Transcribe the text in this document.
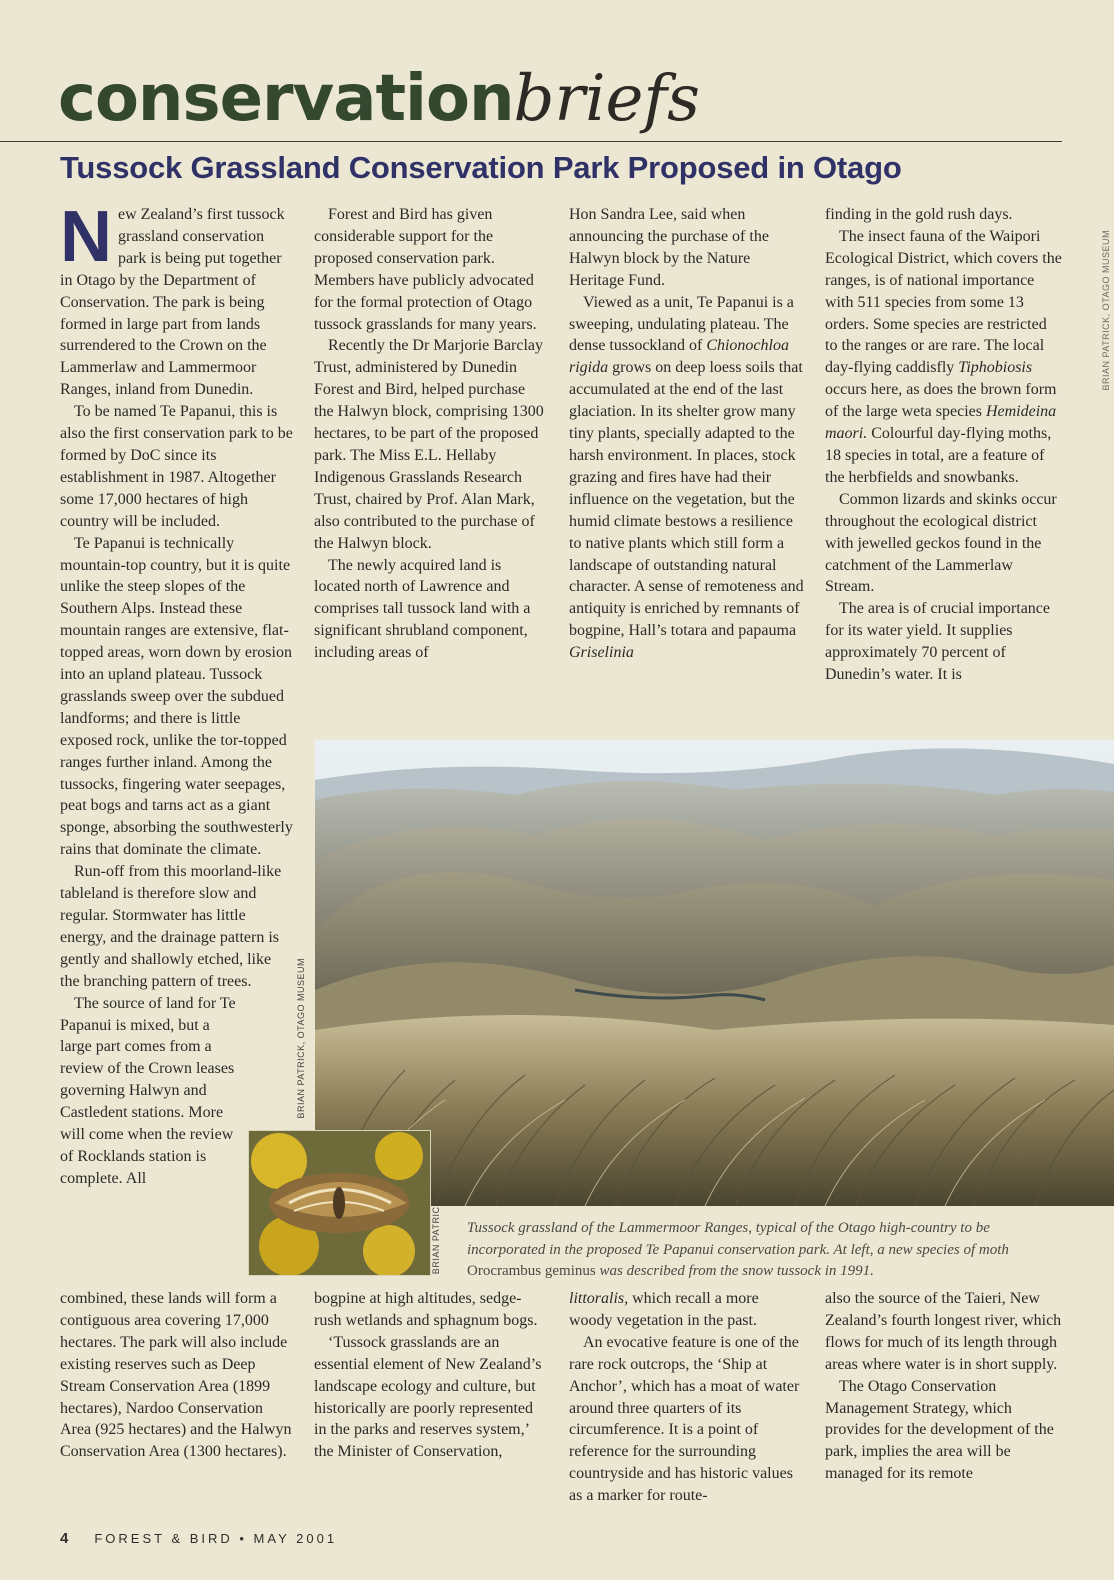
conservationbriefs
Tussock Grassland Conservation Park Proposed in Otago

New Zealand’s first tussock grassland conservation park is being put together in Otago by the Department of Conservation. The park is being formed in large part from lands surrendered to the Crown on the Lammerlaw and Lammermoor Ranges, inland from Dunedin.

To be named Te Papanui, this is also the first conservation park to be formed by DoC since its establishment in 1987. Altogether some 17,000 hectares of high country will be included.

Te Papanui is technically mountain-top country, but it is quite unlike the steep slopes of the Southern Alps. Instead these mountain ranges are extensive, flat-topped areas, worn down by erosion into an upland plateau. Tussock grasslands sweep over the subdued landforms; and there is little exposed rock, unlike the tor-topped ranges further inland. Among the tussocks, fingering water seepages, peat bogs and tarns act as a giant sponge, absorbing the southwesterly rains that dominate the climate.

Run-off from this moorland-like tableland is therefore slow and regular. Stormwater has little energy, and the drainage pattern is gently and shallowly etched, like the branching pattern of trees.

The source of land for Te Papanui is mixed, but a large part comes from a review of the Crown leases governing Halwyn and Castledent stations. More will come when the review of Rocklands station is complete. All

combined, these lands will form a contiguous area covering 17,000 hectares. The park will also include existing reserves such as Deep Stream Conservation Area (1899 hectares), Nardoo Conservation Area (925 hectares) and the Halwyn Conservation Area (1300 hectares).

Forest and Bird has given considerable support for the proposed conservation park. Members have publicly advocated for the formal protection of Otago tussock grasslands for many years.

Recently the Dr Marjorie Barclay Trust, administered by Dunedin Forest and Bird, helped purchase the Halwyn block, comprising 1300 hectares, to be part of the proposed park. The Miss E.L. Hellaby Indigenous Grasslands Research Trust, chaired by Prof. Alan Mark, also contributed to the purchase of the Halwyn block.

The newly acquired land is located north of Lawrence and comprises tall tussock land with a significant shrubland component, including areas of

bogpine at high altitudes, sedge-rush wetlands and sphagnum bogs.

‘Tussock grasslands are an essential element of New Zealand’s landscape ecology and culture, but historically are poorly represented in the parks and reserves system,’ the Minister of Conservation,

Hon Sandra Lee, said when announcing the purchase of the Halwyn block by the Nature Heritage Fund.

Viewed as a unit, Te Papanui is a sweeping, undulating plateau. The dense tussockland of Chionochloa rigida grows on deep loess soils that accumulated at the end of the last glaciation. In its shelter grow many tiny plants, specially adapted to the harsh environment. In places, stock grazing and fires have had their influence on the vegetation, but the humid climate bestows a resilience to native plants which still form a landscape of outstanding natural character. A sense of remoteness and antiquity is enriched by remnants of bogpine, Hall’s totara and papauma Griselinia

littoralis, which recall a more woody vegetation in the past.

An evocative feature is one of the rare rock outcrops, the ‘Ship at Anchor’, which has a moat of water around three quarters of its circumference. It is a point of reference for the surrounding countryside and has historic values as a marker for route-

finding in the gold rush days.

The insect fauna of the Waipori Ecological District, which covers the ranges, is of national importance with 511 species from some 13 orders. Some species are restricted to the ranges or are rare. The local day-flying caddisfly Tiphobiosis occurs here, as does the brown form of the large weta species Hemideina maori. Colourful day-flying moths, 18 species in total, are a feature of the herbfields and snowbanks.

Common lizards and skinks occur throughout the ecological district with jewelled geckos found in the catchment of the Lammerlaw Stream.

The area is of crucial importance for its water yield. It supplies approximately 70 percent of Dunedin’s water. It is

also the source of the Taieri, New Zealand’s fourth longest river, which flows for much of its length through areas where water is in short supply.

The Otago Conservation Management Strategy, which provides for the development of the park, implies the area will be managed for its remote

BRIAN PATRICK, OTAGO MUSEUM
BRIAN PATRICK
BRIAN PATRICK, OTAGO MUSEUM
Tussock grassland of the Lammermoor Ranges, typical of the Otago high-country to be incorporated in the proposed Te Papanui conservation park. At left, a new species of moth Orocrambus geminus was described from the snow tussock in 1991.
4 FOREST & BIRD • MAY 2001
